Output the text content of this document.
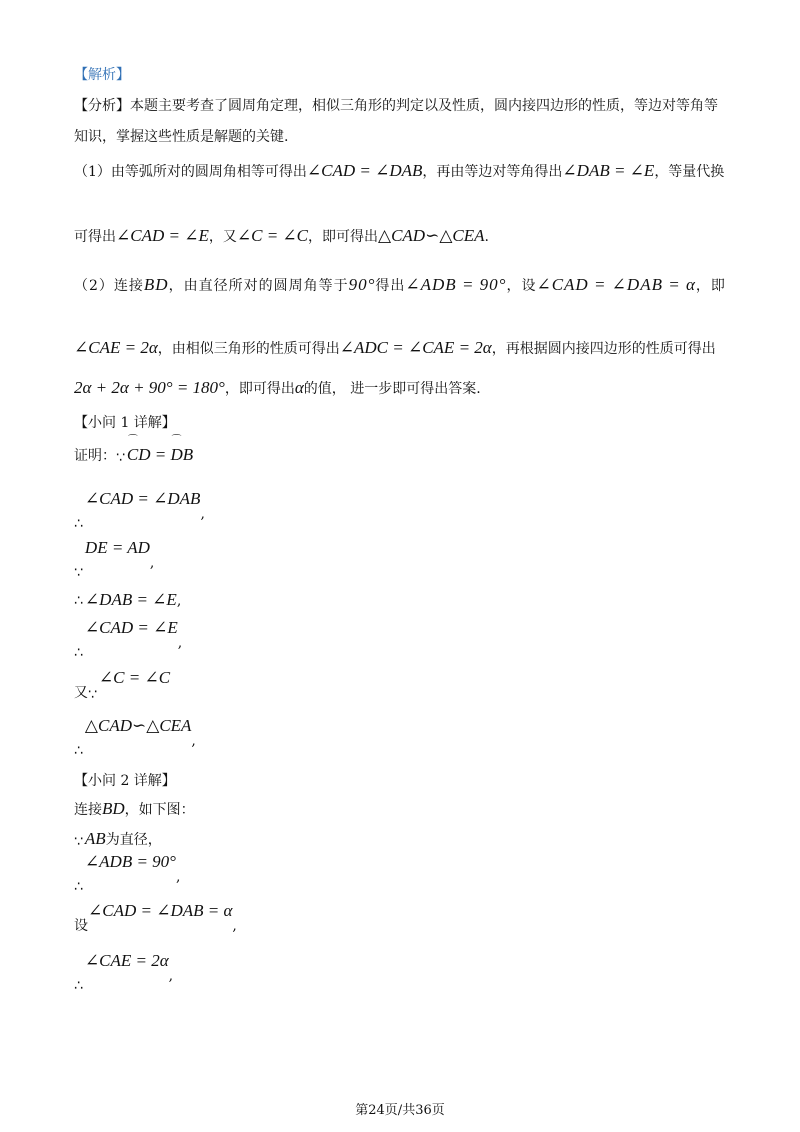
【解析】
【分析】本题主要考查了圆周角定理，相似三角形的判定以及性质，圆内接四边形的性质，等边对等角等
知识，掌握这些性质是解题的关键.
（1）由等弧所对的圆周角相等可得出∠CAD = ∠DAB，再由等边对等角得出∠DAB = ∠E，等量代换
可得出∠CAD = ∠E，又∠C = ∠C，即可得出△CAD∽△CEA.
（2）连接BD，由直径所对的圆周角等于90°得出∠ADB = 90°，设∠CAD = ∠DAB = α，即
∠CAE = 2α，由相似三角形的性质可得出∠ADC = ∠CAE = 2α，再根据圆内接四边形的性质可得出
2α + 2α + 90° = 180°，即可得出α的值， 进一步即可得出答案.
【小问 1 详解】
证明：∵⌒ CD = ⌒ DB
∴∠CAD = ∠DAB,
∵DE = AD,
∴ ∠DAB = ∠E,
∴∠CAD = ∠E,
又∵∠C = ∠C
∴△CAD∽△CEA,
【小问 2 详解】
连接BD，如下图：
∵ AB为直径，
∴∠ADB = 90°,
设∠CAD = ∠DAB = α,
∴∠CAE = 2α,
第24页/共36页
